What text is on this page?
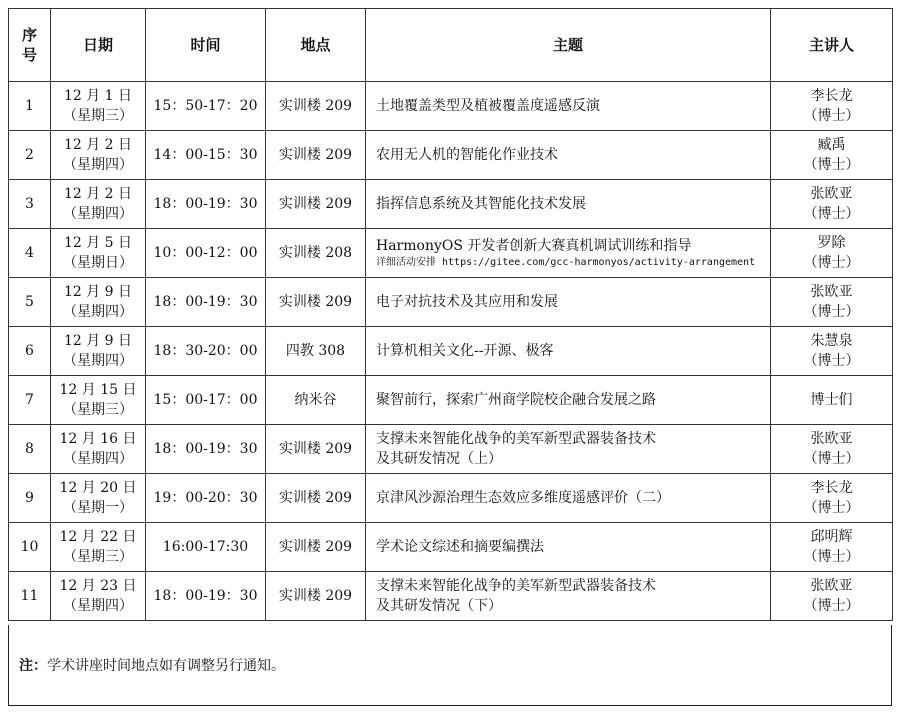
序
号	日期	时间	地点	主题	主讲人
1	12 月 1 日
（星期三）	15：50-17：20	实训楼 209	土地覆盖类型及植被覆盖度遥感反演	李长龙
（博士）

2	12 月 2 日
（星期四）	14：00-15：30	实训楼 209	农用无人机的智能化作业技术	臧禹
（博士）

3	12 月 2 日
（星期四）	18：00-19：30	实训楼 209	指挥信息系统及其智能化技术发展	张欧亚
（博士）

4	12 月 5 日
（星期日）	10：00-12：00	实训楼 208	HarmonyOS 开发者创新大赛真机调试训练和指导
详细活动安排 https://gitee.com/gcc-harmonyos/activity-arrangement	罗除
（博士）

5	12 月 9 日
（星期四）	18：00-19：30	实训楼 209	电子对抗技术及其应用和发展	张欧亚
（博士）

6	12 月 9 日
（星期四）	18：30-20：00	四教 308	计算机相关文化--开源、极客	朱慧泉
（博士）

7	12 月 15 日
（星期三）	15：00-17：00	纳米谷	聚智前行，探索广州商学院校企融合发展之路	博士们

8	12 月 16 日
（星期四）	18：00-19：30	实训楼 209	支撑未来智能化战争的美军新型武器装备技术
及其研发情况（上）	张欧亚
（博士）

9	12 月 20 日
（星期一）	19：00-20：30	实训楼 209	京津风沙源治理生态效应多维度遥感评价（二）	李长龙
（博士）

10	12 月 22 日
（星期三）	16:00-17:30	实训楼 209	学术论文综述和摘要编撰法	邱明辉
（博士）

11	12 月 23 日
（星期四）	18：00-19：30	实训楼 209	支撑未来智能化战争的美军新型武器装备技术
及其研发情况（下）	张欧亚
（博士）
注： 学术讲座时间地点如有调整另行通知。
